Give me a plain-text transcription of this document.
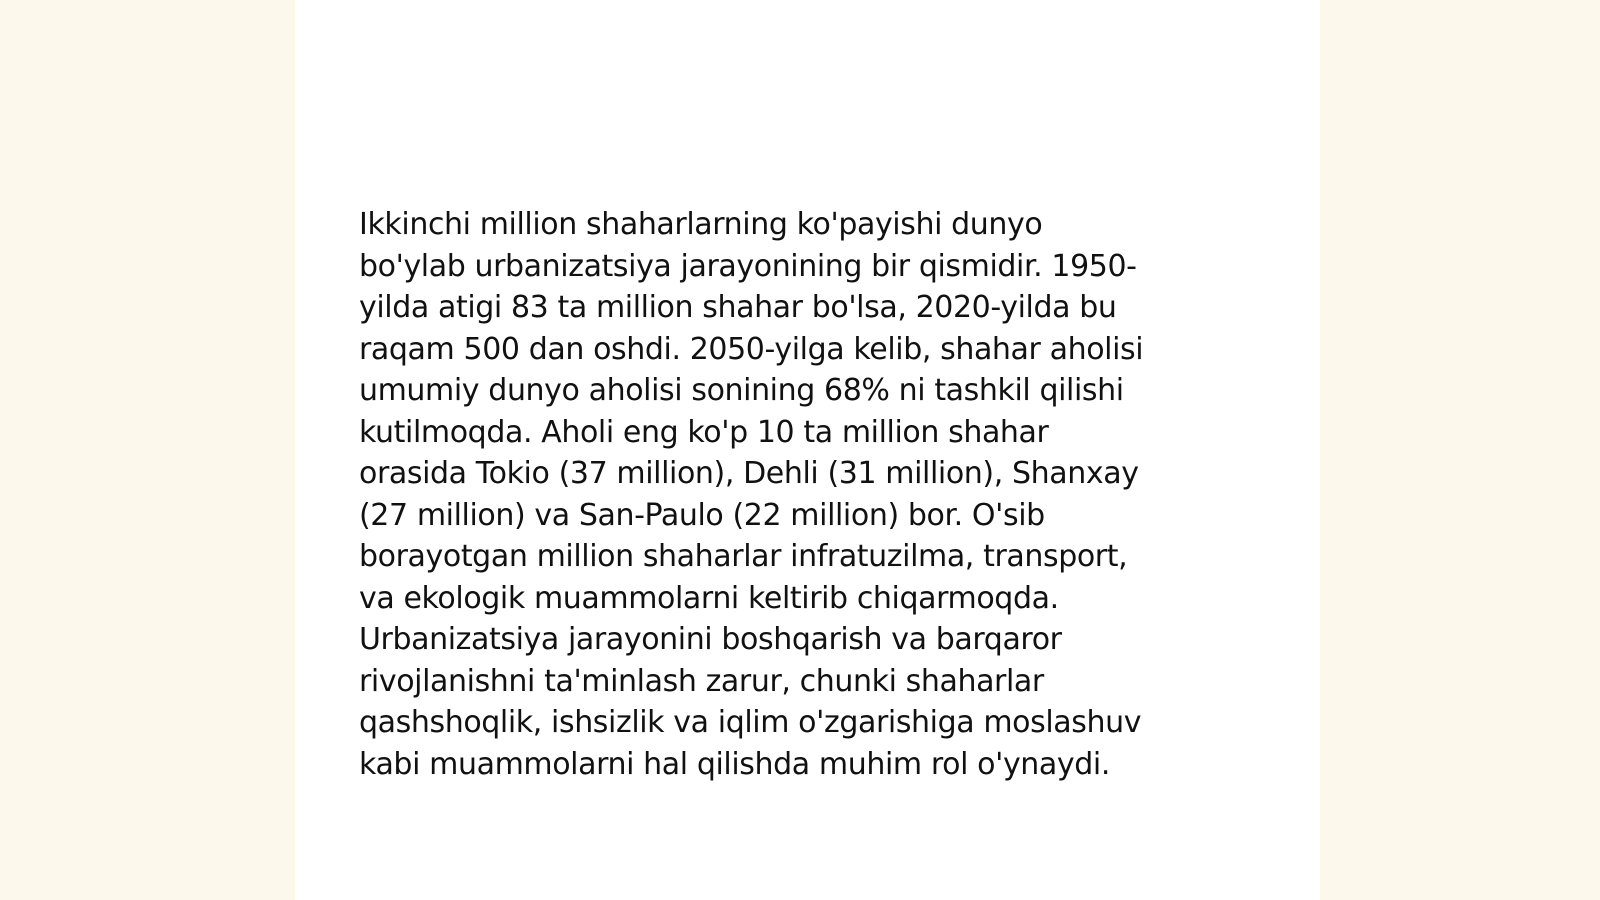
Ikkinchi million shaharlarning ko'payishi dunyo
bo'ylab urbanizatsiya jarayonining bir qismidir. 1950-
yilda atigi 83 ta million shahar bo'lsa, 2020-yilda bu
raqam 500 dan oshdi. 2050-yilga kelib, shahar aholisi
umumiy dunyo aholisi sonining 68% ni tashkil qilishi
kutilmoqda. Aholi eng ko'p 10 ta million shahar
orasida Tokio (37 million), Dehli (31 million), Shanxay
(27 million) va San-Paulo (22 million) bor. O'sib
borayotgan million shaharlar infratuzilma, transport,
va ekologik muammolarni keltirib chiqarmoqda.
Urbanizatsiya jarayonini boshqarish va barqaror
rivojlanishni ta'minlash zarur, chunki shaharlar
qashshoqlik, ishsizlik va iqlim o'zgarishiga moslashuv
kabi muammolarni hal qilishda muhim rol o'ynaydi.
